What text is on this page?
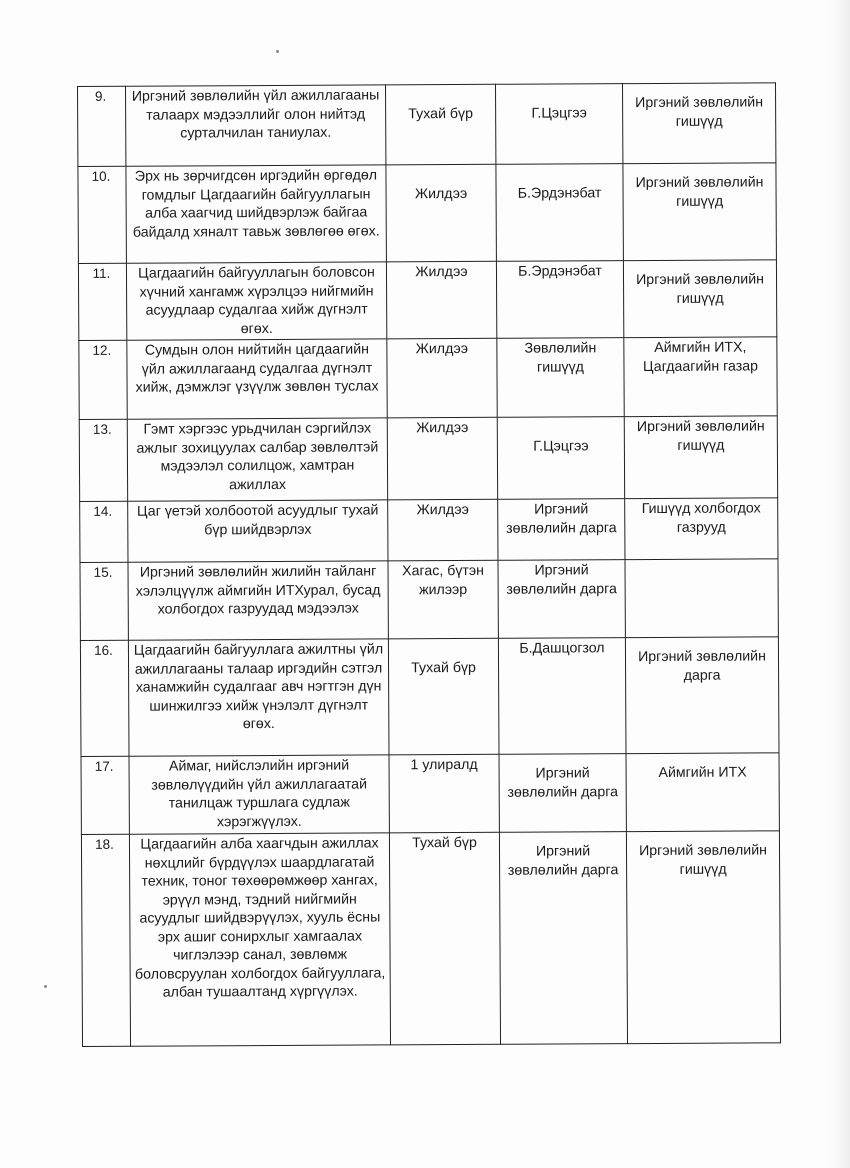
9.	Иргэний зөвлөлийн үйл ажиллагааны талаарх мэдээллийг олон нийтэд сурталчилан таниулах.	Тухай бүр	Г.Цэцгээ	Иргэний зөвлөлийн гишүүд
10.	Эрх нь зөрчигдсөн иргэдийн өргөдөл гомдлыг Цагдаагийн байгууллагын алба хаагчид шийдвэрлэж байгаа байдалд хяналт тавьж зөвлөгөө өгөх.	Жилдээ	Б.Эрдэнэбат	Иргэний зөвлөлийн гишүүд
11.	Цагдаагийн байгууллагын боловсон хүчний хангамж хүрэлцээ нийгмийн асуудлаар судалгаа хийж дүгнэлт өгөх.	Жилдээ	Б.Эрдэнэбат	Иргэний зөвлөлийн гишүүд
12.	Сумдын олон нийтийн цагдаагийн үйл ажиллагаанд судалгаа дүгнэлт хийж, дэмжлэг үзүүлж зөвлөн туслах	Жилдээ	Зөвлөлийн гишүүд	Аймгийн ИТХ, Цагдаагийн газар
13.	Гэмт хэргээс урьдчилан сэргийлэх ажлыг зохицуулах салбар зөвлөлтэй мэдээлэл солилцож, хамтран ажиллах	Жилдээ	Г.Цэцгээ	Иргэний зөвлөлийн гишүүд
14.	Цаг үетэй холбоотой асуудлыг тухай бүр шийдвэрлэх	Жилдээ	Иргэний зөвлөлийн дарга	Гишүүд холбогдох газрууд
15.	Иргэний зөвлөлийн жилийн тайланг хэлэлцүүлж аймгийн ИТХурал, бусад холбогдох газруудад мэдээлэх	Хагас, бүтэн жилээр	Иргэний зөвлөлийн дарга	
16.	Цагдаагийн байгууллага ажилтны үйл ажиллагааны талаар иргэдийн сэтгэл ханамжийн судалгааг авч нэгтгэн дүн шинжилгээ хийж үнэлэлт дүгнэлт өгөх.	Тухай бүр	Б.Дашцогзол	Иргэний зөвлөлийн дарга
17.	Аймаг, нийслэлийн иргэний зөвлөлүүдийн үйл ажиллагаатай танилцаж туршлага судлаж хэрэгжүүлэх.	1 улиралд	Иргэний зөвлөлийн дарга	Аймгийн ИТХ
18.	Цагдаагийн алба хаагчдын ажиллах нөхцлийг бүрдүүлэх шаардлагатай техник, тоног төхөөрөмжөөр хангах, эрүүл мэнд, тэдний нийгмийн асуудлыг шийдвэрүүлэх, хууль ёсны эрх ашиг сонирхлыг хамгаалах чиглэлээр санал, зөвлөмж боловсруулан холбогдох байгууллага, албан тушаалтанд хүргүүлэх.	Тухай бүр	Иргэний зөвлөлийн дарга	Иргэний зөвлөлийн гишүүд
